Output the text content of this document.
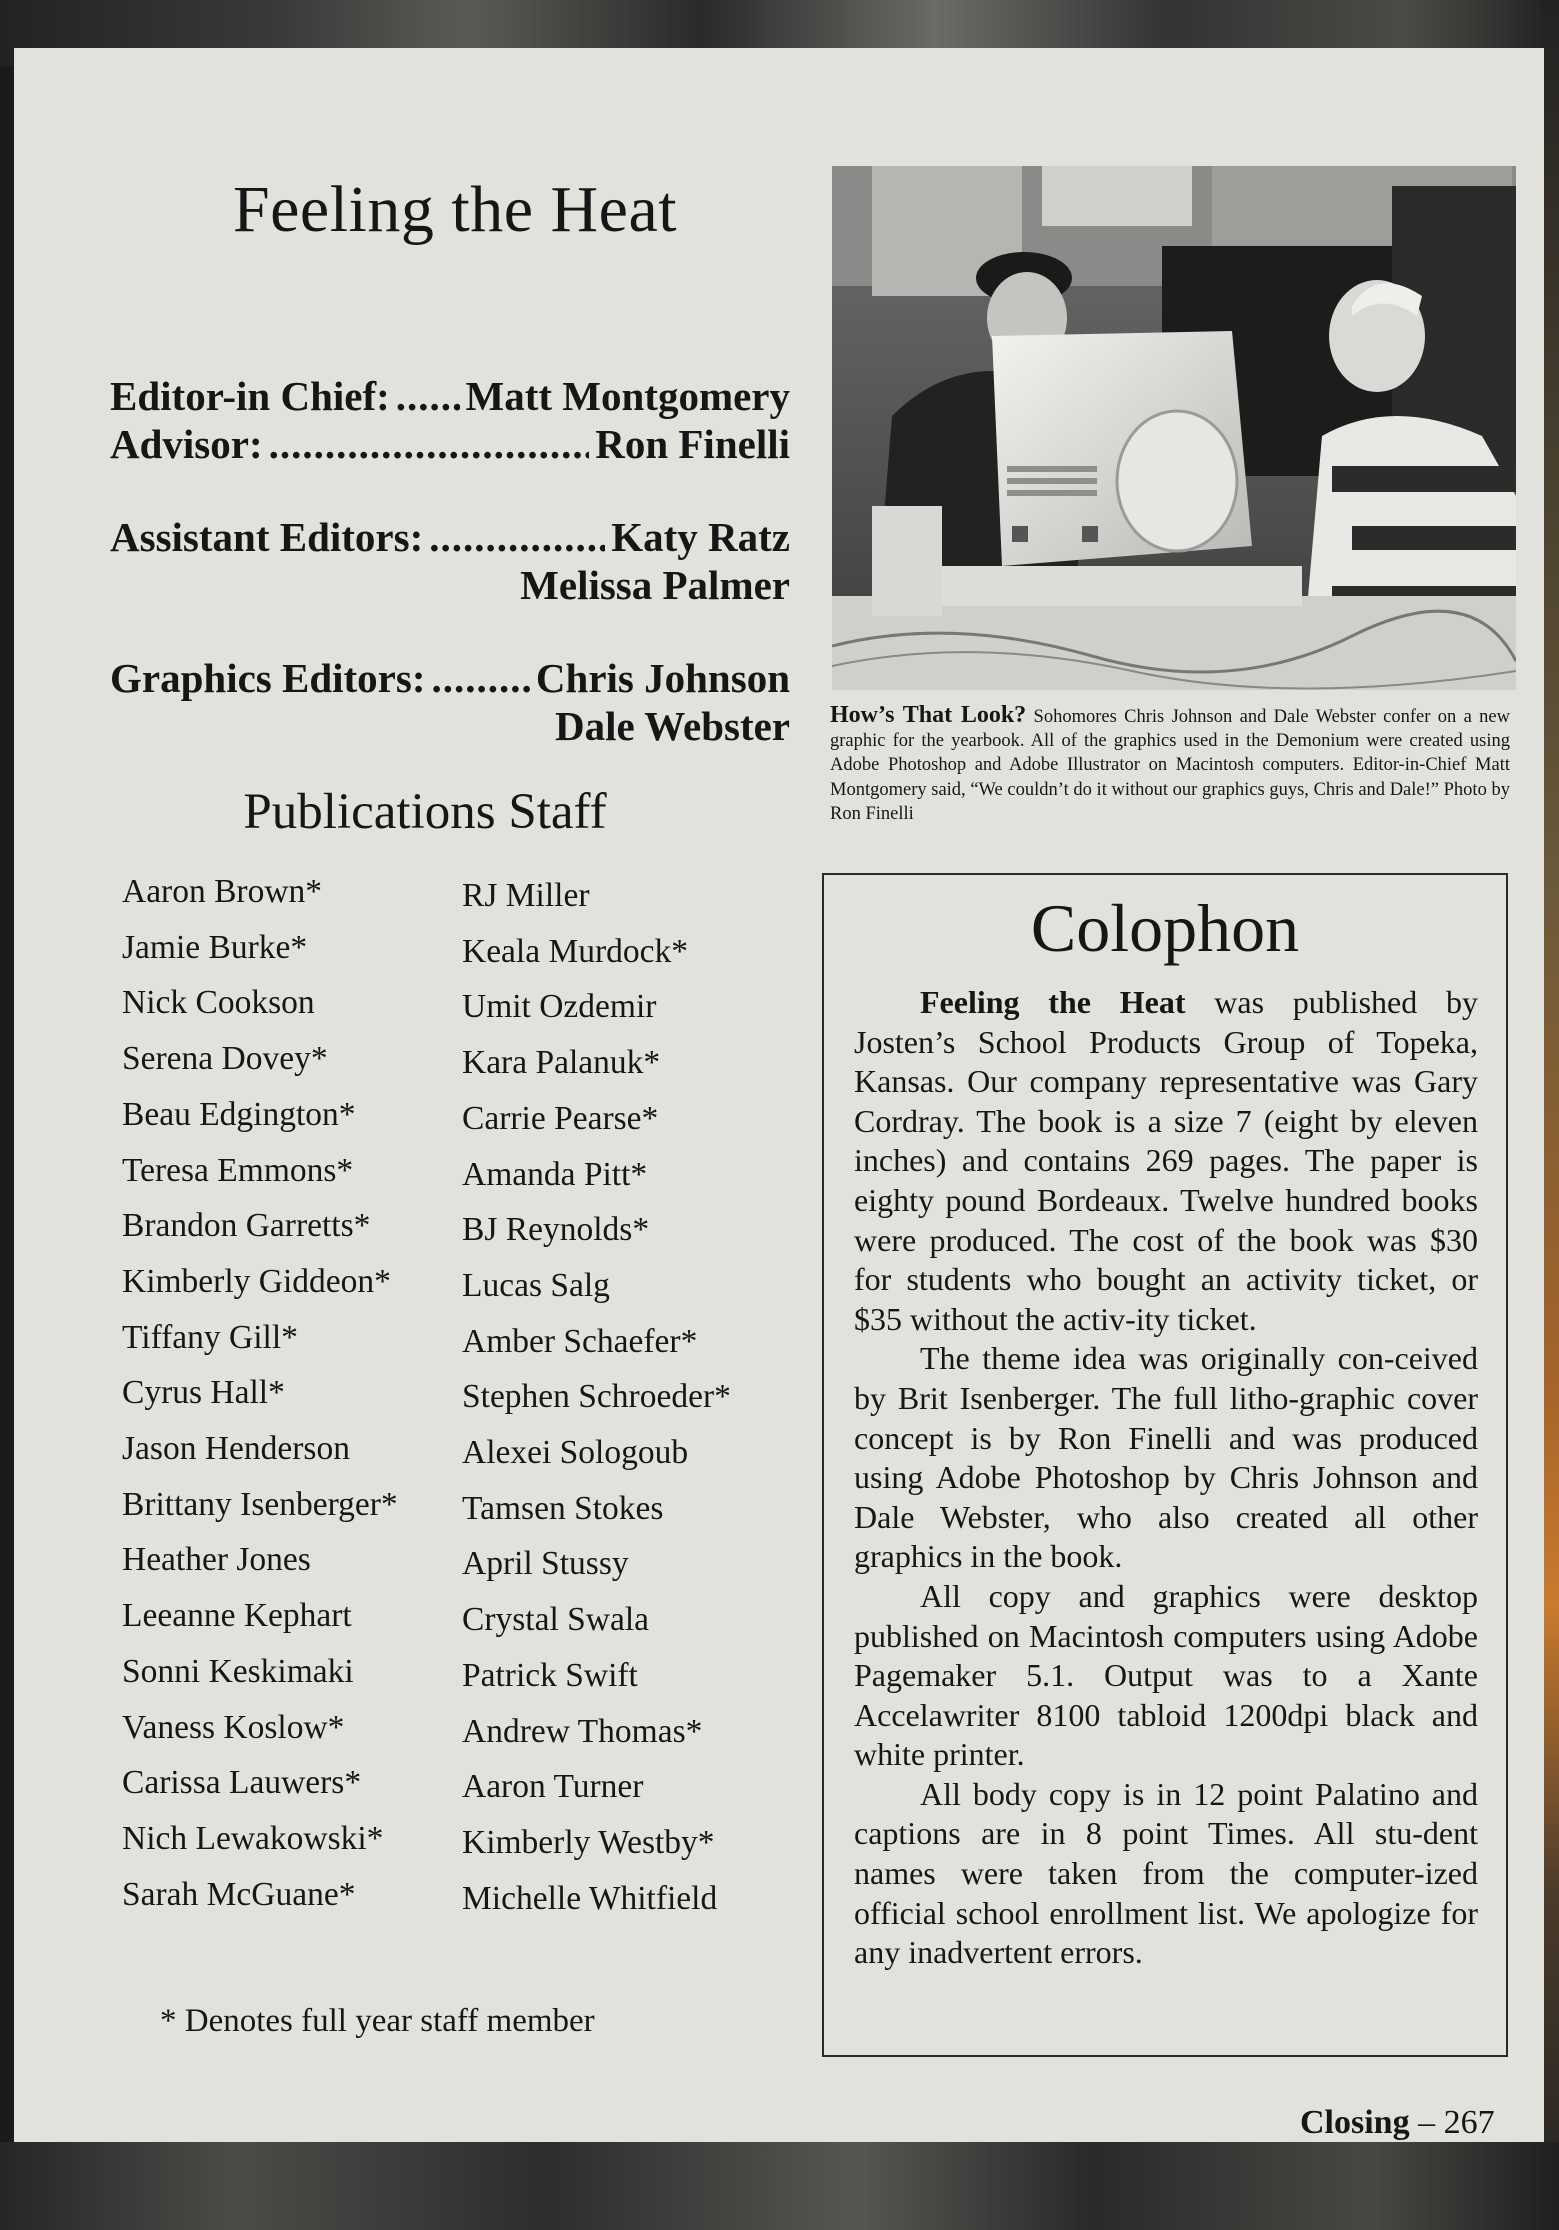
Feeling the Heat
Editor-in Chief: ..... Matt Montgomery
Advisor: .....	Ron Finelli
Assistant Editors: .....	Katy Ratz
Melissa Palmer
Graphics Editors: .....	Chris Johnson
Dale Webster
Publications Staff
Aaron Brown*
Jamie Burke*
Nick Cookson
Serena Dovey*
Beau Edgington*
Teresa Emmons*
Brandon Garretts*
Kimberly Giddeon*
Tiffany Gill*
Cyrus Hall*
Jason Henderson
Brittany Isenberger*
Heather Jones
Leeanne Kephart
Sonni Keskimaki
Vaness Koslow*
Carissa Lauwers*
Nich Lewakowski*
Sarah McGuane*
RJ Miller
Keala Murdock*
Umit Ozdemir
Kara Palanuk*
Carrie Pearse*
Amanda Pitt*
BJ Reynolds*
Lucas Salg
Amber Schaefer*
Stephen Schroeder*
Alexei Sologoub
Tamsen Stokes
April Stussy
Crystal Swala
Patrick Swift
Andrew Thomas*
Aaron Turner
Kimberly Westby*
Michelle Whitfield
* Denotes full year staff member
How’s That Look? Sohomores Chris Johnson and Dale Webster confer on a new graphic for the yearbook. All of the graphics used in the Demonium were created using Adobe Photoshop and Adobe Illustrator on Macintosh computers. Editor-in-Chief Matt Montgomery said, “We couldn’t do it without our graphics guys, Chris and Dale!” Photo by Ron Finelli
Colophon

Feeling the Heat was published by Josten’s School Products Group of Topeka, Kansas. Our company representative was Gary Cordray. The book is a size 7 (eight by eleven inches) and contains 269 pages. The paper is eighty pound Bordeaux. Twelve hundred books were produced. The cost of the book was $30 for students who bought an activity ticket, or $35 without the activ-ity ticket.

The theme idea was originally con-ceived by Brit Isenberger. The full litho-graphic cover concept is by Ron Finelli and was produced using Adobe Photoshop by Chris Johnson and Dale Webster, who also created all other graphics in the book.

All copy and graphics were desktop published on Macintosh computers using Adobe Pagemaker 5.1. Output was to a Xante Accelawriter 8100 tabloid 1200dpi black and white printer.

All body copy is in 12 point Palatino and captions are in 8 point Times. All stu-dent names were taken from the computer-ized official school enrollment list. We apologize for any inadvertent errors.

Closing – 267
